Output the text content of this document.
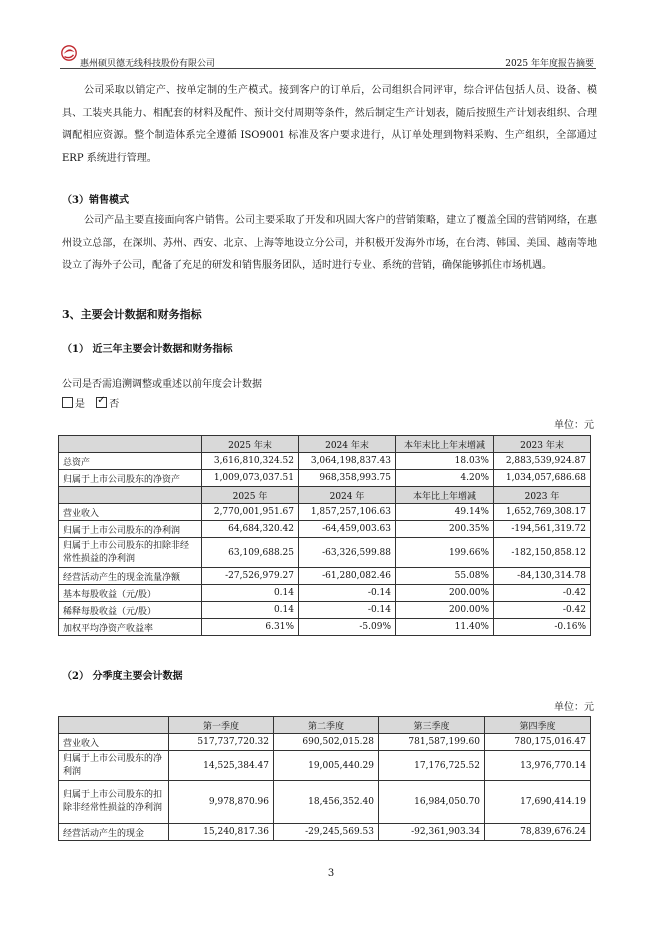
惠州硕贝德无线科技股份有限公司	2025 年年度报告摘要

公司采取以销定产、按单定制的生产模式。接到客户的订单后，公司组织合同评审，综合评估包括人员、设备、模具、工装夹具能力、相配套的材料及配件、预计交付周期等条件，然后制定生产计划表，随后按照生产计划表组织、合理调配相应资源。整个制造体系完全遵循 ISO9001 标准及客户要求进行，从订单处理到物料采购、生产组织，全部通过 ERP 系统进行管理。

（3）销售模式

公司产品主要直接面向客户销售。公司主要采取了开发和巩固大客户的营销策略，建立了覆盖全国的营销网络，在惠州设立总部，在深圳、苏州、西安、北京、上海等地设立分公司，并积极开发海外市场，在台湾、韩国、美国、越南等地设立了海外子公司，配备了充足的研发和销售服务团队，适时进行专业、系统的营销，确保能够抓住市场机遇。

3、主要会计数据和财务指标
（1） 近三年主要会计数据和财务指标
公司是否需追溯调整或重述以前年度会计数据
是 ✓ 否
单位：元
	2025 年末	2024 年末	本年末比上年末增减	2023 年末
总资产	3,616,810,324.52	3,064,198,837.43	18.03%	2,883,539,924.87
归属于上市公司股东的净资产	1,009,073,037.51	968,358,993.75	4.20%	1,034,057,686.68
	2025 年	2024 年	本年比上年增减	2023 年
营业收入	2,770,001,951.67	1,857,257,106.63	49.14%	1,652,769,308.17
归属于上市公司股东的净利润	64,684,320.42	-64,459,003.63	200.35%	-194,561,319.72
归属于上市公司股东的扣除非经常性损益的净利润	63,109,688.25	-63,326,599.88	199.66%	-182,150,858.12
经营活动产生的现金流量净额	-27,526,979.27	-61,280,082.46	55.08%	-84,130,314.78
基本每股收益（元/股）	0.14	-0.14	200.00%	-0.42
稀释每股收益（元/股）	0.14	-0.14	200.00%	-0.42
加权平均净资产收益率	6.31%	-5.09%	11.40%	-0.16%
（2） 分季度主要会计数据
单位：元
	第一季度	第二季度	第三季度	第四季度
营业收入	517,737,720.32	690,502,015.28	781,587,199.60	780,175,016.47
归属于上市公司股东的净利润	14,525,384.47	19,005,440.29	17,176,725.52	13,976,770.14
归属于上市公司股东的扣除非经常性损益的净利润	9,978,870.96	18,456,352.40	16,984,050.70	17,690,414.19
经营活动产生的现金	15,240,817.36	-29,245,569.53	-92,361,903.34	78,839,676.24
3
